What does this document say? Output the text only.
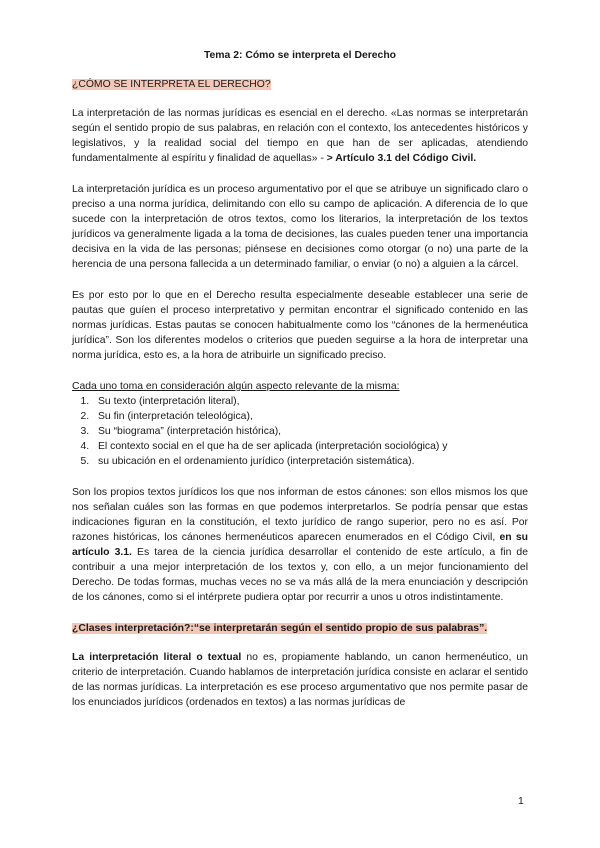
Tema 2: Cómo se interpreta el Derecho
¿CÓMO SE INTERPRETA EL DERECHO?

La interpretación de las normas jurídicas es esencial en el derecho. «Las normas se interpretarán según el sentido propio de sus palabras, en relación con el contexto, los antecedentes históricos y legislativos, y la realidad social del tiempo en que han de ser aplicadas, atendiendo fundamentalmente al espíritu y finalidad de aquellas» - > Artículo 3.1 del Código Civil.

La interpretación jurídica es un proceso argumentativo por el que se atribuye un significado claro o preciso a una norma jurídica, delimitando con ello su campo de aplicación. A diferencia de lo que sucede con la interpretación de otros textos, como los literarios, la interpretación de los textos jurídicos va generalmente ligada a la toma de decisiones, las cuales pueden tener una importancia decisiva en la vida de las personas; piénsese en decisiones como otorgar (o no) una parte de la herencia de una persona fallecida a un determinado familiar, o enviar (o no) a alguien a la cárcel.

Es por esto por lo que en el Derecho resulta especialmente deseable establecer una serie de pautas que guíen el proceso interpretativo y permitan encontrar el significado contenido en las normas jurídicas. Estas pautas se conocen habitualmente como los “cánones de la hermenéutica jurídica”. Son los diferentes modelos o criterios que pueden seguirse a la hora de interpretar una norma jurídica, esto es, a la hora de atribuirle un significado preciso.

Cada uno toma en consideración algún aspecto relevante de la misma:
1. Su texto (interpretación literal),
2. Su fin (interpretación teleológica),
3. Su “biograma” (interpretación histórica),
4. El contexto social en el que ha de ser aplicada (interpretación sociológica) y
5. su ubicación en el ordenamiento jurídico (interpretación sistemática).

Son los propios textos jurídicos los que nos informan de estos cánones: son ellos mismos los que nos señalan cuáles son las formas en que podemos interpretarlos. Se podría pensar que estas indicaciones figuran en la constitución, el texto jurídico de rango superior, pero no es así. Por razones históricas, los cánones hermenéuticos aparecen enumerados en el Código Civil, en su artículo 3.1. Es tarea de la ciencia jurídica desarrollar el contenido de este artículo, a fin de contribuir a una mejor interpretación de los textos y, con ello, a un mejor funcionamiento del Derecho. De todas formas, muchas veces no se va más allá de la mera enunciación y descripción de los cánones, como si el intérprete pudiera optar por recurrir a unos u otros indistintamente.

¿Clases interpretación?:“se interpretarán según el sentido propio de sus palabras”.

La interpretación literal o textual no es, propiamente hablando, un canon hermenéutico, un criterio de interpretación. Cuando hablamos de interpretación jurídica consiste en aclarar el sentido de las normas jurídicas. La interpretación es ese proceso argumentativo que nos permite pasar de los enunciados jurídicos (ordenados en textos) a las normas jurídicas de

1
